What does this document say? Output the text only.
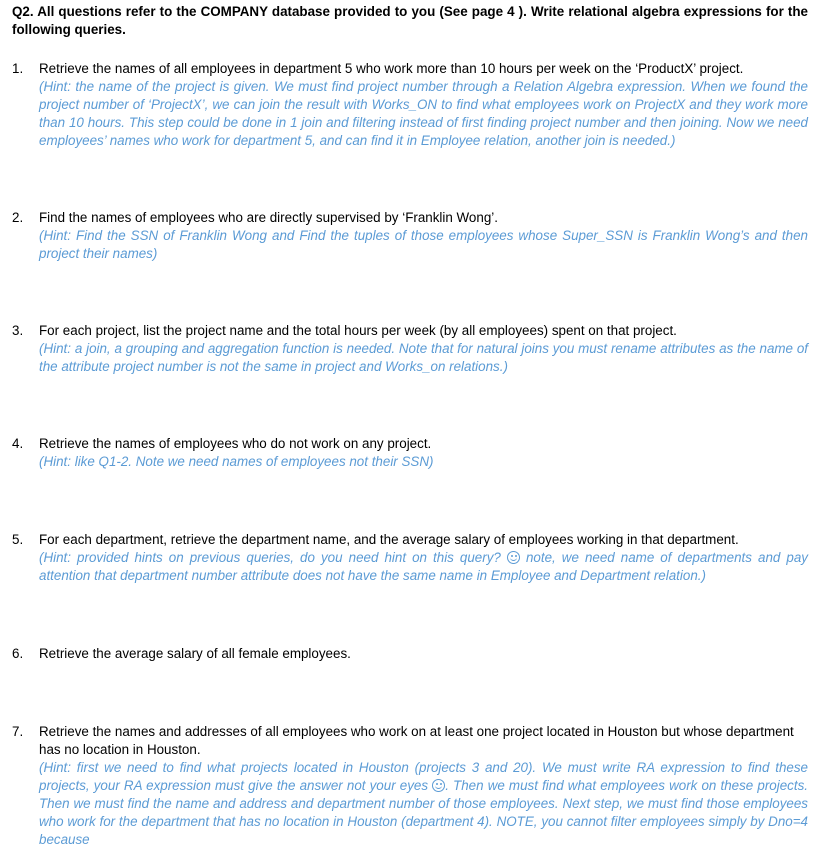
Q2. All questions refer to the COMPANY database provided to you (See page 4 ). Write relational algebra expressions for the following queries.
1. Retrieve the names of all employees in department 5 who work more than 10 hours per week on the ‘ProductX’ project.
(Hint: the name of the project is given. We must find project number through a Relation Algebra expression. When we found the project number of ‘ProjectX’, we can join the result with Works_ON to find what employees work on ProjectX and they work more than 10 hours. This step could be done in 1 join and filtering instead of first finding project number and then joining. Now we need employees’ names who work for department 5, and can find it in Employee relation, another join is needed.)
2. Find the names of employees who are directly supervised by ‘Franklin Wong’.
(Hint: Find the SSN of Franklin Wong and Find the tuples of those employees whose Super_SSN is Franklin Wong’s and then project their names)
3. For each project, list the project name and the total hours per week (by all employees) spent on that project.
(Hint: a join, a grouping and aggregation function is needed. Note that for natural joins you must rename attributes as the name of the attribute project number is not the same in project and Works_on relations.)
4. Retrieve the names of employees who do not work on any project.
(Hint: like Q1-2. Note we need names of employees not their SSN)
5. For each department, retrieve the department name, and the average salary of employees working in that department.
(Hint: provided hints on previous queries, do you need hint on this query? note, we need name of departments and pay attention that department number attribute does not have the same name in Employee and Department relation.)
6. Retrieve the average salary of all female employees.
7. Retrieve the names and addresses of all employees who work on at least one project located in Houston but whose department has no location in Houston.
(Hint: first we need to find what projects located in Houston (projects 3 and 20). We must write RA expression to find these projects, your RA expression must give the answer not your eyes . Then we must find what employees work on these projects. Then we must find the name and address and department number of those employees. Next step, we must find those employees who work for the department that has no location in Houston (department 4). NOTE, you cannot filter employees simply by Dno=4 because
